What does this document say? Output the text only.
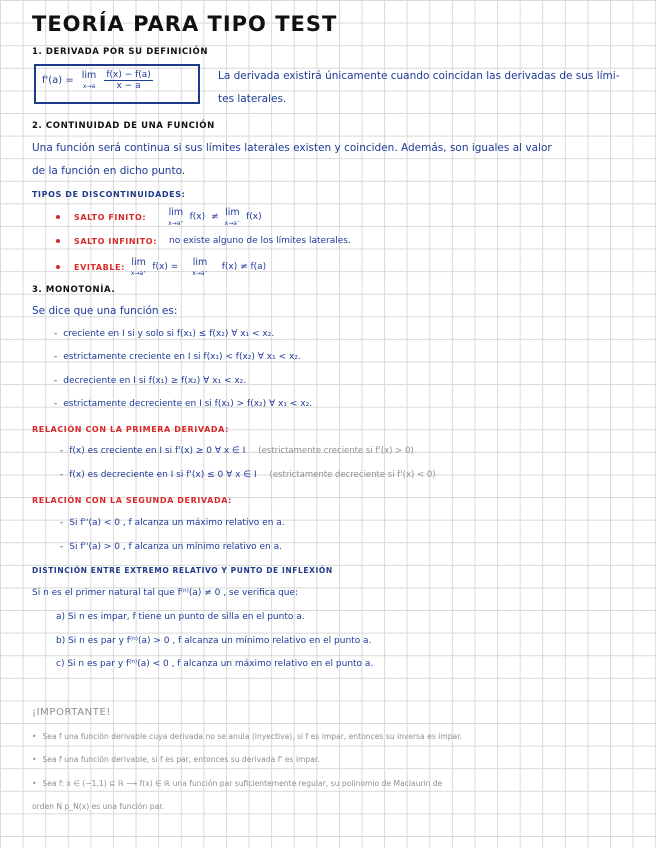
TEORÍA PARA TIPO TEST
1. DERIVADA POR SU DEFINICIÓN
f'(a) = lim
$x\to a \frac{f(x) - f(a)}{x - a}$	La derivada existirá únicamente cuando coincidan las derivadas de sus lími-
tes laterales.
2. CONTINUIDAD DE UNA FUNCIÓN
Una función será continua si sus límites laterales existen y coinciden. Además, son iguales al valor
de la función en dicho punto.
TIPOS DE DISCONTINUIDADES:
SALTO FINITO: lim
x→a⁺
f(x) ≠ lim
x→a⁻
f(x)
SALTO INFINITO: no existe alguno de los límites laterales.
EVITABLE: lim
x→a⁺
f(x) = lim
x→a⁻
f(x) ≠ f(a)
3. MONOTONÍA.
Se dice que una función es:
- creciente en I si y solo si f(x₁) ≤ f(x₂) ∀ x₁ < x₂.
- estrictamente creciente en I si f(x₁) < f(x₂) ∀ x₁ < x₂.
- decreciente en I si f(x₁) ≥ f(x₂) ∀ x₁ < x₂.
- estrictamente decreciente en I si f(x₁) > f(x₂) ∀ x₁ < x₂.
RELACIÓN CON LA PRIMERA DERIVADA:
- f(x) es creciente en I si f'(x) ≥ 0 ∀ x ∈ I (estrictamente creciente si f'(x) > 0)
- f(x) es decreciente en I si f'(x) ≤ 0 ∀ x ∈ I (estrictamente decreciente si f'(x) < 0)
RELACIÓN CON LA SEGUNDA DERIVADA:
- Si f''(a) < 0 , f alcanza un máximo relativo en a.
- Si f''(a) > 0 , f alcanza un mínimo relativo en a.
DISTINCIÓN ENTRE EXTREMO RELATIVO Y PUNTO DE INFLEXIÓN
Si n es el primer natural tal que f⁽ⁿ⁾(a) ≠ 0 , se verifica que:
a) Si n es impar, f tiene un punto de silla en el punto a.
b) Si n es par y f⁽ⁿ⁾(a) > 0 , f alcanza un mínimo relativo en el punto a.
c) Si n es par y f⁽ⁿ⁾(a) < 0 , f alcanza un máximo relativo en el punto a.
¡IMPORTANTE!
• Sea f una función derivable cuya derivada no se anula (inyectiva), si f es impar, entonces su inversa es impar.
• Sea f una función derivable, si f es par, entonces su derivada f' es impar.
• Sea f: x ∈ (−1,1) ⊆ ℝ ⟶ f(x) ∈ ℝ una función par suficientemente regular, su polinomio de Maclaurin de
orden N p_N(x) es una función par.
